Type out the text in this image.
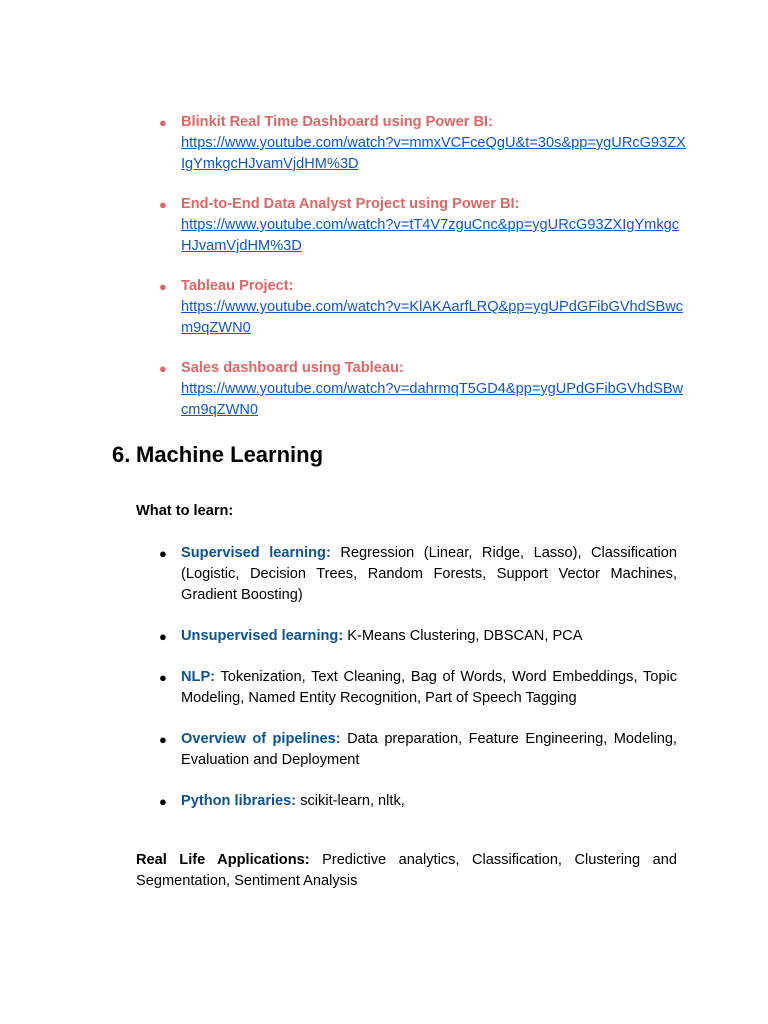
● Blinkit Real Time Dashboard using Power BI:
https://www.youtube.com/watch?v=mmxVCFceQgU&t=30s&pp=ygURcG93ZXIgYmkgcHJvamVjdHM%3D
● End-to-End Data Analyst Project using Power BI:
https://www.youtube.com/watch?v=tT4V7zguCnc&pp=ygURcG93ZXIgYmkgcHJvamVjdHM%3D
● Tableau Project:
https://www.youtube.com/watch?v=KlAKAarfLRQ&pp=ygUPdGFibGVhdSBwcm9qZWN0
● Sales dashboard using Tableau:
https://www.youtube.com/watch?v=dahrmqT5GD4&pp=ygUPdGFibGVhdSBwcm9qZWN0
6. Machine Learning

What to learn:

● Supervised learning: Regression (Linear, Ridge, Lasso), Classification (Logistic, Decision Trees, Random Forests, Support Vector Machines, Gradient Boosting)
● Unsupervised learning: K-Means Clustering, DBSCAN, PCA
● NLP: Tokenization, Text Cleaning, Bag of Words, Word Embeddings, Topic Modeling, Named Entity Recognition, Part of Speech Tagging
● Overview of pipelines: Data preparation, Feature Engineering, Modeling, Evaluation and Deployment
● Python libraries: scikit-learn, nltk,

Real Life Applications: Predictive analytics, Classification, Clustering and Segmentation, Sentiment Analysis
